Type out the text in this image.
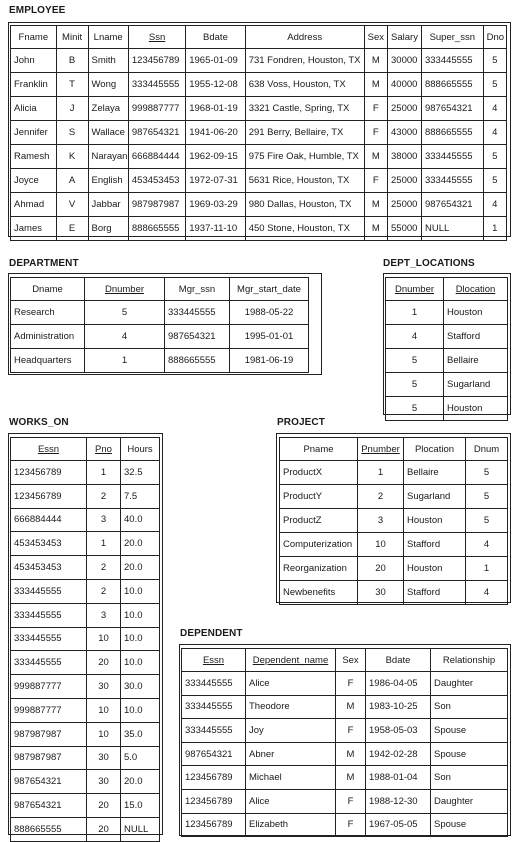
EMPLOYEE
DEPARTMENT	DEPT_LOCATIONS
WORKS_ON	PROJECT
DEPENDENT
Fname	Minit	Lname	Ssn	Bdate	Address	Sex	Salary	Super_ssn	Dno
John	B	Smith	123456789	1965-01-09	731 Fondren, Houston, TX	M	30000	333445555	5
Franklin	T	Wong	333445555	1955-12-08	638 Voss, Houston, TX	M	40000	888665555	5
Alicia	J	Zelaya	999887777	1968-01-19	3321 Castle, Spring, TX	F	25000	987654321	4
Jennifer	S	Wallace	987654321	1941-06-20	291 Berry, Bellaire, TX	F	43000	888665555	4
Ramesh	K	Narayan	666884444	1962-09-15	975 Fire Oak, Humble, TX	M	38000	333445555	5
Joyce	A	English	453453453	1972-07-31	5631 Rice, Houston, TX	F	25000	333445555	5
Ahmad	V	Jabbar	987987987	1969-03-29	980 Dallas, Houston, TX	M	25000	987654321	4
James	E	Borg	888665555	1937-11-10	450 Stone, Houston, TX	M	55000	NULL	1
Dname	Dnumber	Mgr_ssn	Mgr_start_date
Research	5	333445555	1988-05-22
Administration	4	987654321	1995-01-01
Headquarters	1	888665555	1981-06-19
Dnumber	Dlocation
1	Houston
4	Stafford
5	Bellaire
5	Sugarland
5	Houston
Essn	Pno	Hours
123456789	1	32.5
123456789	2	7.5
666884444	3	40.0
453453453	1	20.0
453453453	2	20.0
333445555	2	10.0
333445555	3	10.0
333445555	10	10.0
333445555	20	10.0
999887777	30	30.0
999887777	10	10.0
987987987	10	35.0
987987987	30	5.0
987654321	30	20.0
987654321	20	15.0
888665555	20	NULL
Pname	Pnumber	Plocation	Dnum
ProductX	1	Bellaire	5
ProductY	2	Sugarland	5
ProductZ	3	Houston	5
Computerization	10	Stafford	4
Reorganization	20	Houston	1
Newbenefits	30	Stafford	4
Essn	Dependent_name	Sex	Bdate	Relationship
333445555	Alice	F	1986-04-05	Daughter
333445555	Theodore	M	1983-10-25	Son
333445555	Joy	F	1958-05-03	Spouse
987654321	Abner	M	1942-02-28	Spouse
123456789	Michael	M	1988-01-04	Son
123456789	Alice	F	1988-12-30	Daughter
123456789	Elizabeth	F	1967-05-05	Spouse
